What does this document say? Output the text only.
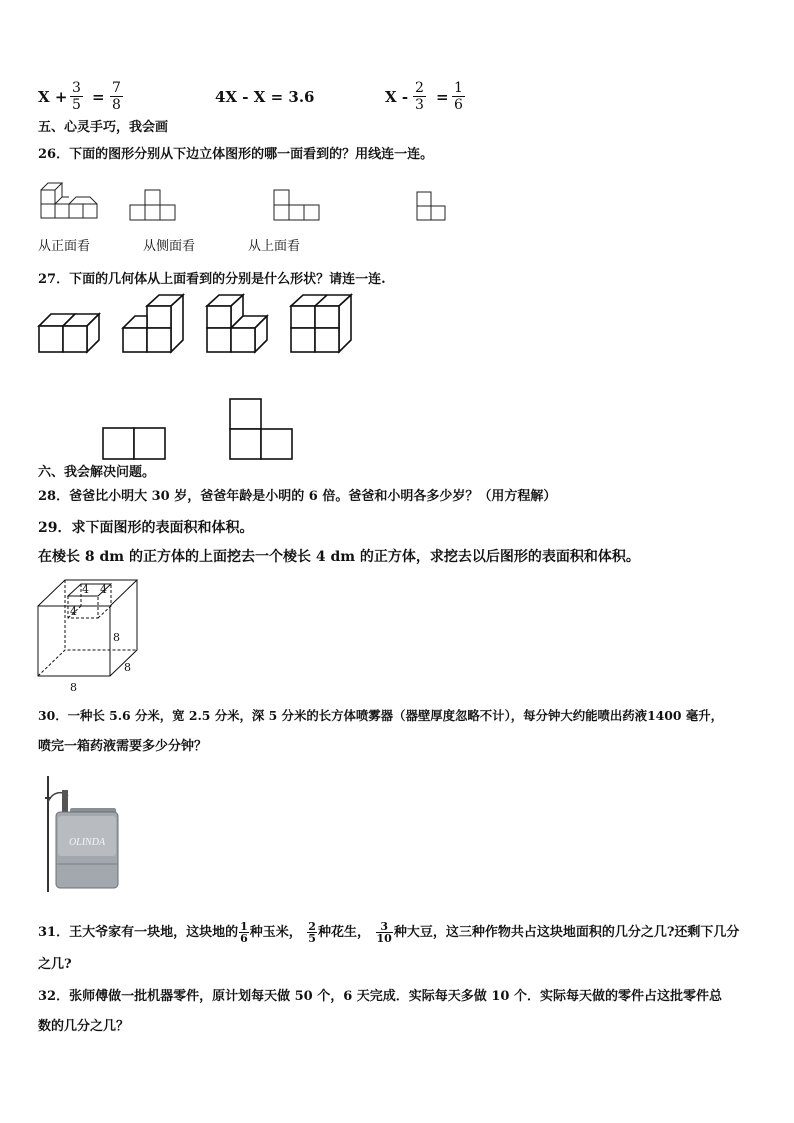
$X + \frac{3}{5} = \frac{7}{8}$	4X - X = 3.6	$X - \frac{2}{3} = \frac{1}{6}$
五、心灵手巧，我会画
26．下面的图形分别从下边立体图形的哪一面看到的？用线连一连。
从正面看	从侧面看	从上面看
27．下面的几何体从上面看到的分别是什么形状？请连一连.
六、我会解决问题。
28．爸爸比小明大 30 岁，爸爸年龄是小明的 6 倍。爸爸和小明各多少岁？（用方程解）
29．求下面图形的表面积和体积。
在棱长 8 dm 的正方体的上面挖去一个棱长 4 dm 的正方体，求挖去以后图形的表面积和体积。
4 4
4
8
8
8
30．一种长 5.6 分米，宽 2.5 分米，深 5 分米的长方体喷雾器（器壁厚度忽略不计），每分钟大约能喷出药液1400 毫升，
喷完一箱药液需要多少分钟？
OLINDA
31．王大爷家有一块地，这块地的 $\frac{1}{6}$ 种玉米， $\frac{2}{5}$ 种花生， $\frac{3}{10}$ 种大豆，这三种作物共占这块地面积的几分之几?还剩下几分
之几?
32．张师傅做一批机器零件，原计划每天做 50 个，6 天完成．实际每天多做 10 个．实际每天做的零件占这批零件总
数的几分之几？
